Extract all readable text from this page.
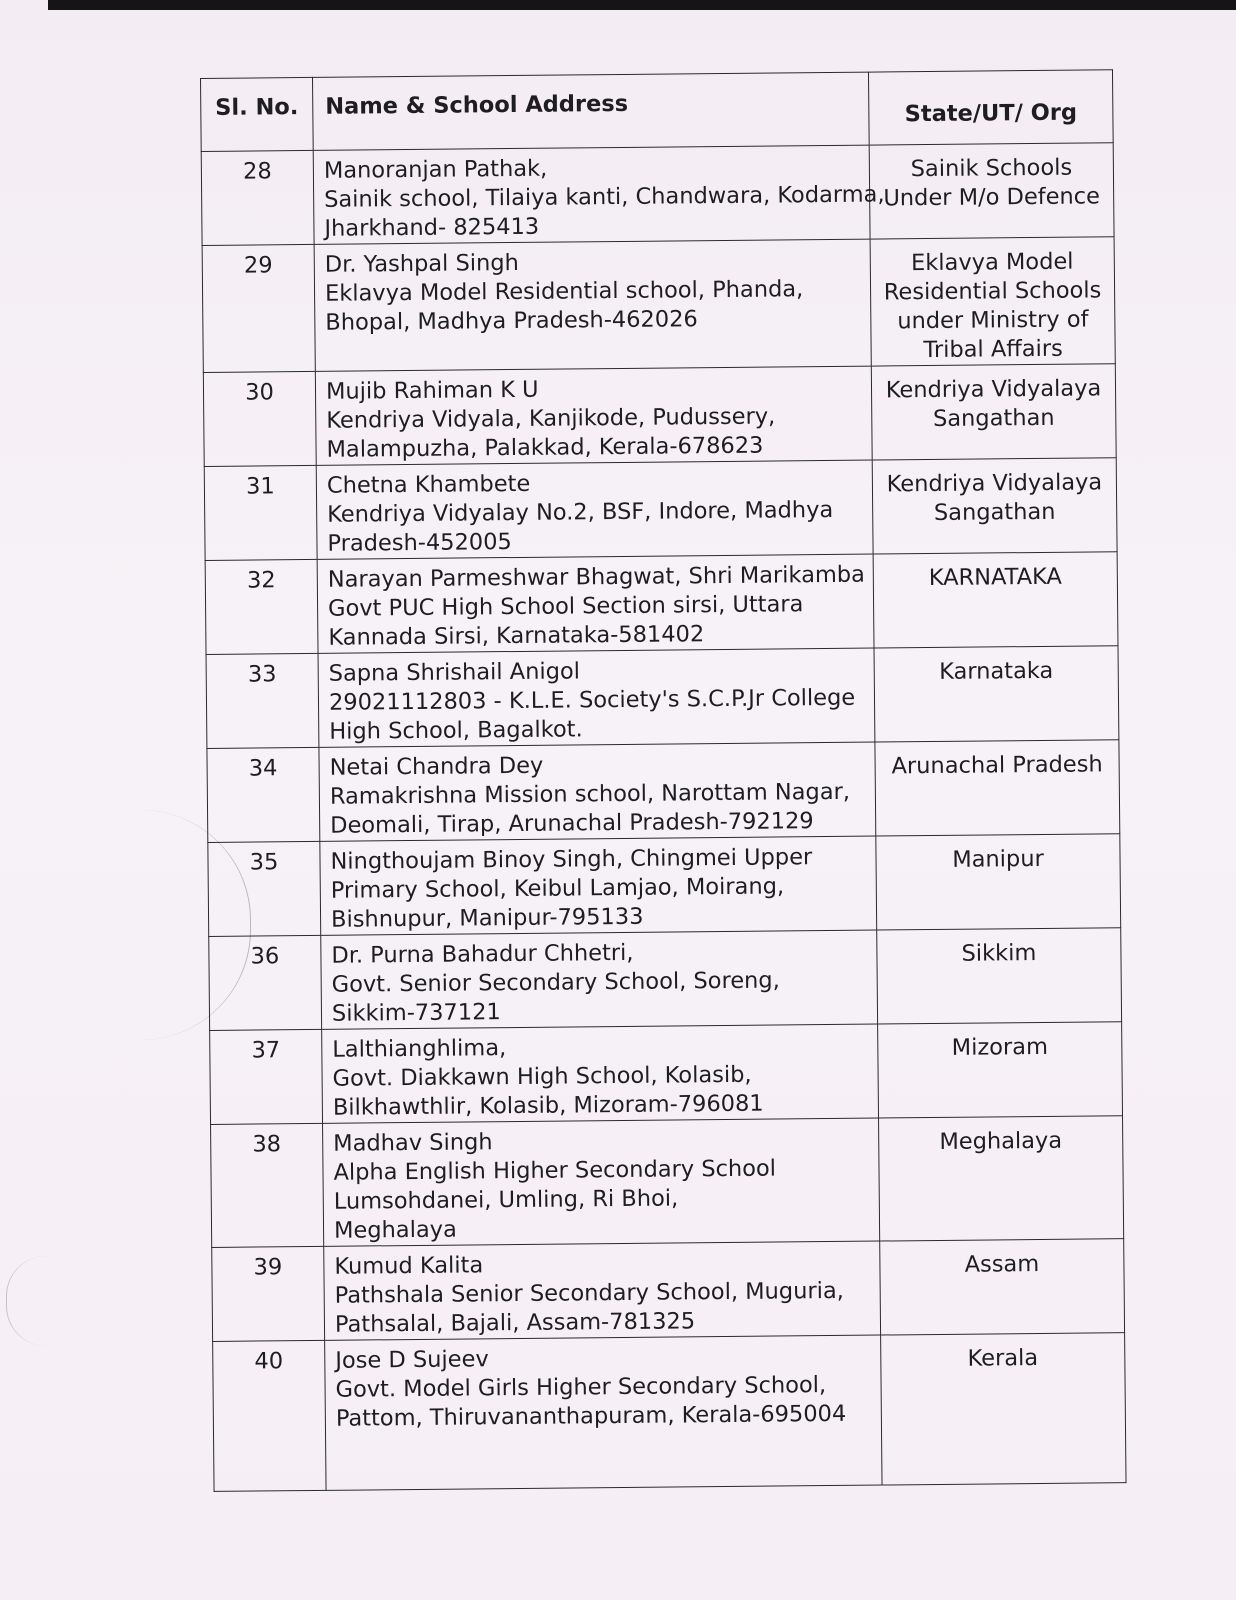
Sl. No.	Name & School Address	State/UT/ Org
28	Manoranjan Pathak,
Sainik school, Tilaiya kanti, Chandwara, Kodarma,
Jharkhand- 825413	Sainik Schools
Under M/o Defence

29	Dr. Yashpal Singh
Eklavya Model Residential school, Phanda,
Bhopal, Madhya Pradesh-462026	Eklavya Model
Residential Schools
under Ministry of
Tribal Affairs

30	Mujib Rahiman K U
Kendriya Vidyala, Kanjikode, Pudussery,
Malampuzha, Palakkad, Kerala-678623	Kendriya Vidyalaya
Sangathan

31	Chetna Khambete
Kendriya Vidyalay No.2, BSF, Indore, Madhya
Pradesh-452005	Kendriya Vidyalaya
Sangathan

32	Narayan Parmeshwar Bhagwat, Shri Marikamba
Govt PUC High School Section sirsi, Uttara
Kannada Sirsi, Karnataka-581402	KARNATAKA

33	Sapna Shrishail Anigol
29021112803 - K.L.E. Society's S.C.P.Jr College
High School, Bagalkot.	Karnataka

34	Netai Chandra Dey
Ramakrishna Mission school, Narottam Nagar,
Deomali, Tirap, Arunachal Pradesh-792129	Arunachal Pradesh

35	Ningthoujam Binoy Singh, Chingmei Upper
Primary School, Keibul Lamjao, Moirang,
Bishnupur, Manipur-795133	Manipur

36	Dr. Purna Bahadur Chhetri,
Govt. Senior Secondary School, Soreng,
Sikkim-737121	Sikkim

37	Lalthianghlima,
Govt. Diakkawn High School, Kolasib,
Bilkhawthlir, Kolasib, Mizoram-796081	Mizoram

38	Madhav Singh
Alpha English Higher Secondary School
Lumsohdanei, Umling, Ri Bhoi,
Meghalaya	Meghalaya

39	Kumud Kalita
Pathshala Senior Secondary School, Muguria,
Pathsalal, Bajali, Assam-781325	Assam

40	Jose D Sujeev
Govt. Model Girls Higher Secondary School,
Pattom, Thiruvananthapuram, Kerala-695004	Kerala
